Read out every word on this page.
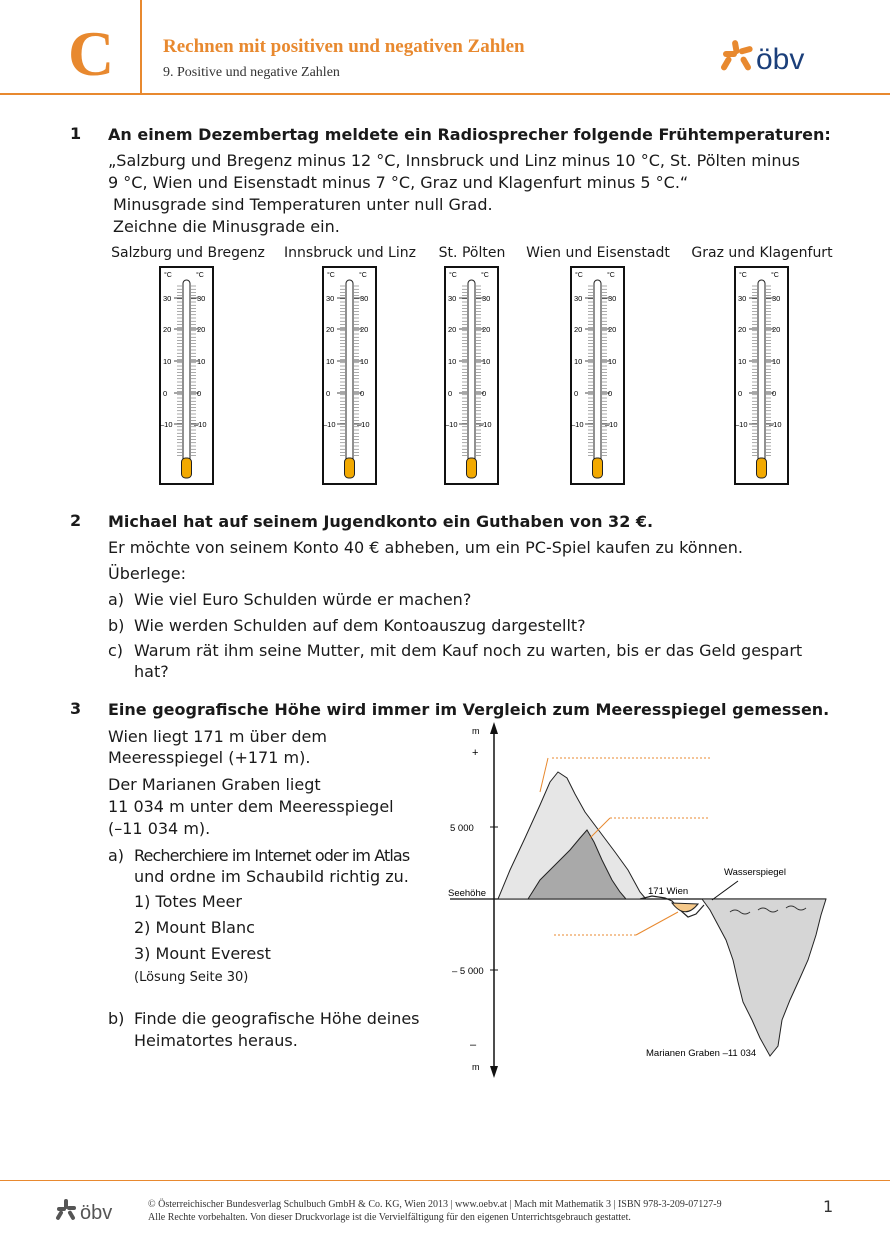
C	Rechnen mit positiven und negativen Zahlen
9. Positive und negative Zahlen	öbv
1 An einem Dezembertag meldete ein Radiosprecher folgende Frühtemperaturen:
„Salzburg und Bregenz minus 12 °C, Innsbruck und Linz minus 10 °C, St. Pölten minus
9 °C, Wien und Eisenstadt minus 7 °C, Graz und Klagenfurt minus 5 °C.“
Minusgrade sind Temperaturen unter null Grad.
Zeichne die Minusgrade ein.
Salzburg und Bregenz Innsbruck und Linz	St. Pölten	Wien und Eisenstadt	Graz und Klagenfurt
°C	°C
30	30
20	20
10	10
0	0
–10	–10
°C	°C
30	30
20	20
10	10
0	0
–10	–10
°C	°C
30	30
20	20
10	10
0	0
–10	–10
°C	°C
30	30
20	20
10	10
0	0
–10	–10
°C	°C
30	30
20	20
10	10
0	0
–10	–10
2 Michael hat auf seinem Jugendkonto ein Guthaben von 32 €.
Er möchte von seinem Konto 40 € abheben, um ein PC-Spiel kaufen zu können.
Überlege:
a) Wie viel Euro Schulden würde er machen?
b) Wie werden Schulden auf dem Kontoauszug dargestellt?
c) Warum rät ihm seine Mutter, mit dem Kauf noch zu warten, bis er das Geld gespart
hat?
3 Eine geografische Höhe wird immer im Vergleich zum Meeresspiegel gemessen.
Wien liegt 171 m über dem
Meeresspiegel (+171 m).
Der Marianen Graben liegt
11 034 m unter dem Meeresspiegel
(–11 034 m).
a) Recherchiere im Internet oder im Atlas
und ordne im Schaubild richtig zu.
1) Totes Meer
2) Mount Blanc
3) Mount Everest
(Lösung Seite 30)
b) Finde die geografische Höhe deines
Heimatortes heraus.
m
+
5 000
Seehöhe
– 5 000
–
m
171 Wien
Wasserspiegel
Marianen Graben –11 034
öbv	© Österreichischer Bundesverlag Schulbuch GmbH & Co. KG, Wien 2013 | www.oebv.at | Mach mit Mathematik 3 | ISBN 978-3-209-07127-9
Alle Rechte vorbehalten. Von dieser Druckvorlage ist die Vervielfältigung für den eigenen Unterrichtsgebrauch gestattet.
1
